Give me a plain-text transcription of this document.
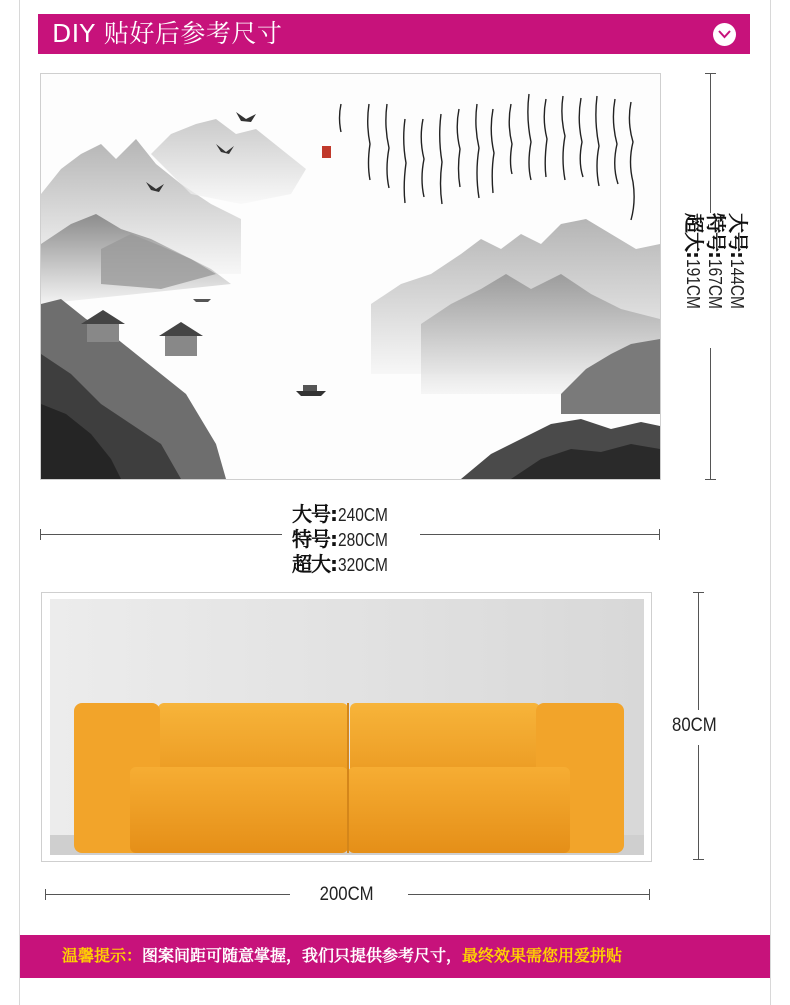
DIY 贴好后参考尺寸
大号
:
144CM
特号
:
167CM
超大
:
191CM
大号 : 240CM
特号 : 280CM
超大 : 320CM
80CM
200CM
温馨提示：图案间距可随意掌握，我们只提供参考尺寸，最终效果需您用爱拼贴
